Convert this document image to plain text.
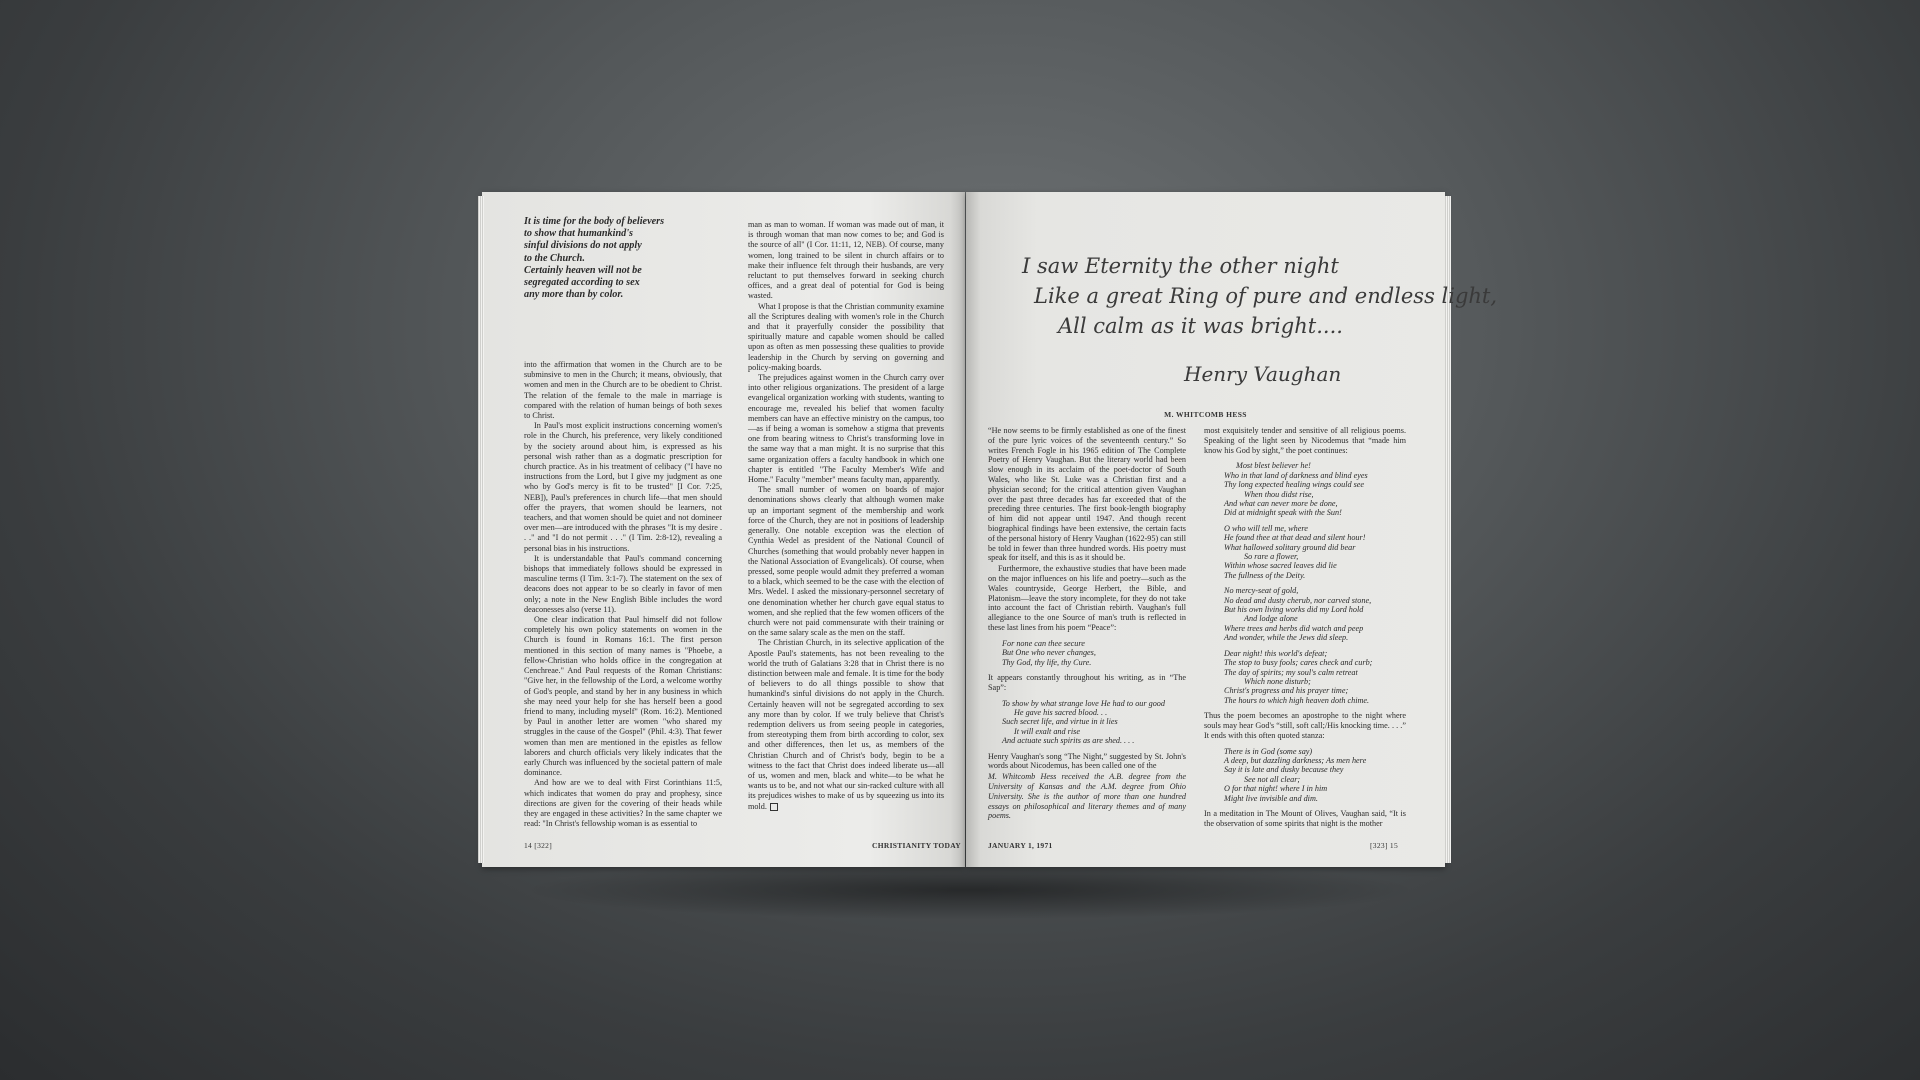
It is time for the body of believers
to show that humankind's
sinful divisions do not apply
to the Church.
Certainly heaven will not be
segregated according to sex
any more than by color.

into the affirmation that women in the Church are to be subminsive to men in the Church; it means, obviously, that women and men in the Church are to be obedient to Christ. The relation of the female to the male in marriage is compared with the relation of human beings of both sexes to Christ.

In Paul's most explicit instructions concerning women's role in the Church, his preference, very likely conditioned by the society around about him, is expressed as his personal wish rather than as a dogmatic prescription for church practice. As in his treatment of celibacy ("I have no instructions from the Lord, but I give my judgment as one who by God's mercy is fit to be trusted" [I Cor. 7:25, NEB]), Paul's preferences in church life—that men should offer the prayers, that women should be learners, not teachers, and that women should be quiet and not domineer over men—are introduced with the phrases "It is my desire . . ." and "I do not permit . . ." (I Tim. 2:8-12), revealing a personal bias in his instructions.

It is understandable that Paul's command concerning bishops that immediately follows should be expressed in masculine terms (I Tim. 3:1-7). The statement on the sex of deacons does not appear to be so clearly in favor of men only; a note in the New English Bible includes the word deaconesses also (verse 11).

One clear indication that Paul himself did not follow completely his own policy statements on women in the Church is found in Romans 16:1. The first person mentioned in this section of many names is "Phoebe, a fellow-Christian who holds office in the congregation at Cenchreae." And Paul requests of the Roman Christians: "Give her, in the fellowship of the Lord, a welcome worthy of God's people, and stand by her in any business in which she may need your help for she has herself been a good friend to many, including myself" (Rom. 16:2). Mentioned by Paul in another letter are women "who shared my struggles in the cause of the Gospel" (Phil. 4:3). That fewer women than men are mentioned in the epistles as fellow laborers and church officials very likely indicates that the early Church was influenced by the societal pattern of male dominance.

And how are we to deal with First Corinthians 11:5, which indicates that women do pray and prophesy, since directions are given for the covering of their heads while they are engaged in these activities? In the same chapter we read: "In Christ's fellowship woman is as essential to

man as man to woman. If woman was made out of man, it is through woman that man now comes to be; and God is the source of all" (I Cor. 11:11, 12, NEB). Of course, many women, long trained to be silent in church affairs or to make their influence felt through their husbands, are very reluctant to put themselves forward in seeking church offices, and a great deal of potential for God is being wasted.

What I propose is that the Christian community examine all the Scriptures dealing with women's role in the Church and that it prayerfully consider the possibility that spiritually mature and capable women should be called upon as often as men possessing these qualities to provide leadership in the Church by serving on governing and policy-making boards.

The prejudices against women in the Church carry over into other religious organizations. The president of a large evangelical organization working with students, wanting to encourage me, revealed his belief that women faculty members can have an effective ministry on the campus, too—as if being a woman is somehow a stigma that prevents one from bearing witness to Christ's transforming love in the same way that a man might. It is no surprise that this same organization offers a faculty handbook in which one chapter is entitled "The Faculty Member's Wife and Home." Faculty "member" means faculty man, apparently.

The small number of women on boards of major denominations shows clearly that although women make up an important segment of the membership and work force of the Church, they are not in positions of leadership generally. One notable exception was the election of Cynthia Wedel as president of the National Council of Churches (something that would probably never happen in the National Association of Evangelicals). Of course, when pressed, some people would admit they preferred a woman to a black, which seemed to be the case with the election of Mrs. Wedel. I asked the missionary-personnel secretary of one denomination whether her church gave equal status to women, and she replied that the few women officers of the church were not paid commensurate with their training or on the same salary scale as the men on the staff.

The Christian Church, in its selective application of the Apostle Paul's statements, has not been revealing to the world the truth of Galatians 3:28 that in Christ there is no distinction between male and female. It is time for the body of believers to do all things possible to show that humankind's sinful divisions do not apply in the Church. Certainly heaven will not be segregated according to sex any more than by color. If we truly believe that Christ's redemption delivers us from seeing people in categories, from stereotyping them from birth according to color, sex and other differences, then let us, as members of the Christian Church and of Christ's body, begin to be a witness to the fact that Christ does indeed liberate us—all of us, women and men, black and white—to be what he wants us to be, and not what our sin-racked culture with all its prejudices wishes to make of us by squeezing us into its mold.

14 [322]	CHRISTIANITY TODAY
I saw Eternity the other night
Like a great Ring of pure and endless light,
All calm as it was bright....
Henry Vaughan
M. WHITCOMB HESS

“He now seems to be firmly established as one of the finest of the pure lyric voices of the seventeenth century.” So writes French Fogle in his 1965 edition of The Complete Poetry of Henry Vaughan. But the literary world had been slow enough in its acclaim of the poet-doctor of South Wales, who like St. Luke was a Christian first and a physician second; for the critical attention given Vaughan over the past three decades has far exceeded that of the preceding three centuries. The first book-length biography of him did not appear until 1947. And though recent biographical findings have been extensive, the certain facts of the personal history of Henry Vaughan (1622-95) can still be told in fewer than three hundred words. His poetry must speak for itself, and this is as it should be.

Furthermore, the exhaustive studies that have been made on the major influences on his life and poetry—such as the Wales countryside, George Herbert, the Bible, and Platonism—leave the story incomplete, for they do not take into account the fact of Christian rebirth. Vaughan's full allegiance to the one Source of man's truth is reflected in these last lines from his poem “Peace”:

For none can thee secure
But One who never changes,
Thy God, thy life, thy Cure.

It appears constantly throughout his writing, as in “The Sap”:

To show by what strange love He had to our good
He gave his sacred blood. . .
Such secret life, and virtue in it lies
It will exalt and rise
And actuate such spirits as are shed. . . .

Henry Vaughan's song “The Night,” suggested by St. John's words about Nicodemus, has been called one of the

M. Whitcomb Hess received the A.B. degree from the University of Kansas and the A.M. degree from Ohio University. She is the author of more than one hundred essays on philosophical and literary themes and of many poems.

most exquisitely tender and sensitive of all religious poems. Speaking of the light seen by Nicodemus that “made him know his God by sight,” the poet continues:

Most blest believer he!
Who in that land of darkness and blind eyes
Thy long expected healing wings could see
When thou didst rise,
And what can never more be done,
Did at midnight speak with the Sun!
O who will tell me, where
He found thee at that dead and silent hour!
What hallowed solitary ground did bear
So rare a flower,
Within whose sacred leaves did lie
The fullness of the Deity.
No mercy-seat of gold,
No dead and dusty cherub, nor carved stone,
But his own living works did my Lord hold
And lodge alone
Where trees and herbs did watch and peep
And wonder, while the Jews did sleep.
Dear night! this world's defeat;
The stop to busy fools; cares check and curb;
The day of spirits; my soul's calm retreat
Which none disturb;
Christ's progress and his prayer time;
The hours to which high heaven doth chime.

Thus the poem becomes an apostrophe to the night where souls may hear God's “still, soft call;/His knocking time. . . .” It ends with this often quoted stanza:

There is in God (some say)
A deep, but dazzling darkness; As men here
Say it is late and dusky because they
See not all clear;
O for that night! where I in him
Might live invisible and dim.

In a meditation in The Mount of Olives, Vaughan said, “It is the observation of some spirits that night is the mother

JANUARY 1, 1971	[323] 15
